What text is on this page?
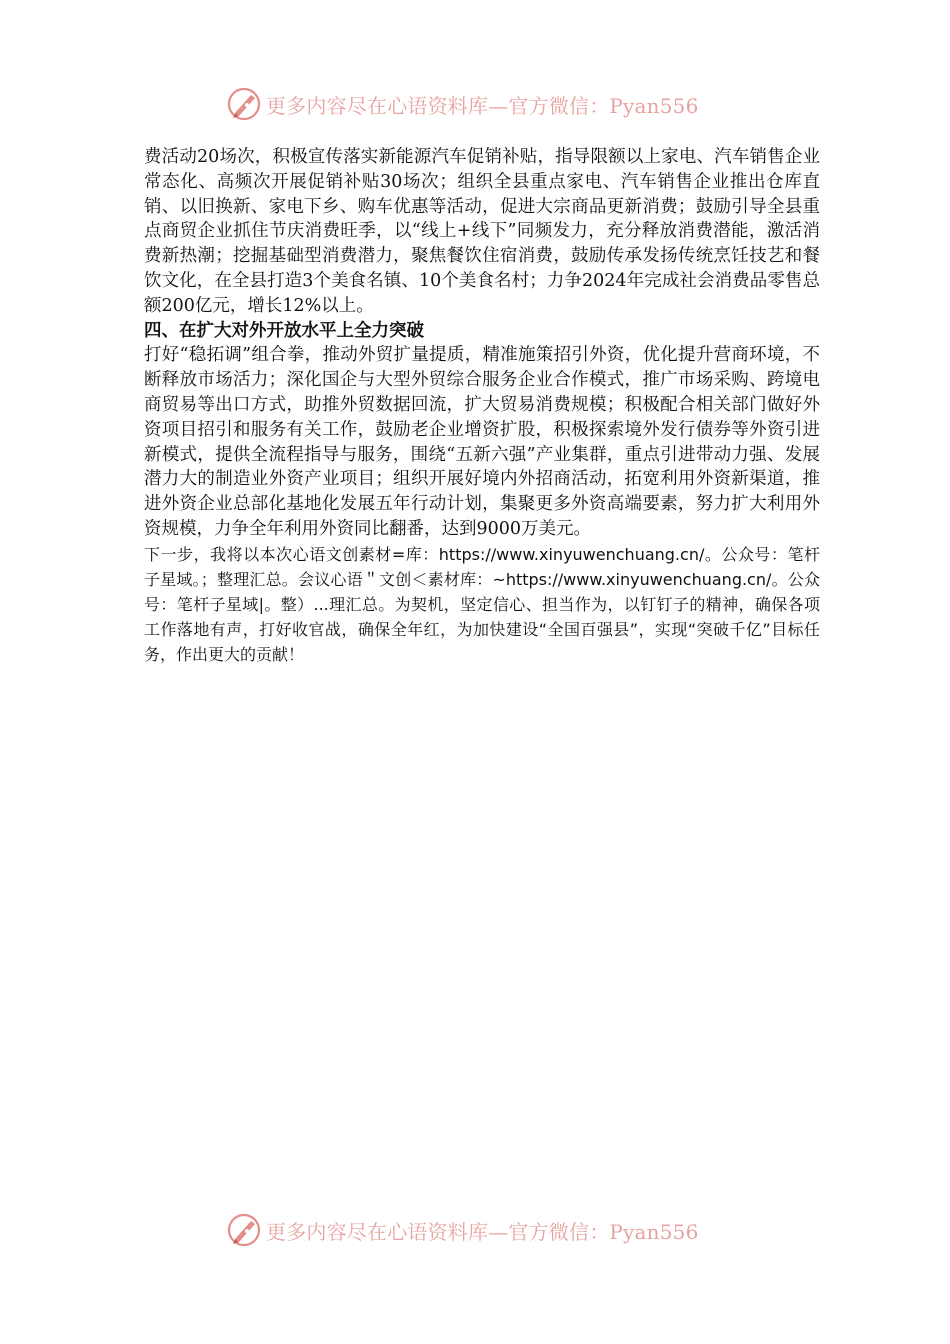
更多内容尽在心语资料库—官方微信：Pyan556

费活动20场次，积极宣传落实新能源汽车促销补贴，指导限额以上家电、汽车销售企业常态化、高频次开展促销补贴30场次；组织全县重点家电、汽车销售企业推出仓库直销、以旧换新、家电下乡、购车优惠等活动，促进大宗商品更新消费；鼓励引导全县重点商贸企业抓住节庆消费旺季，以“线上+线下”同频发力，充分释放消费潜能，激活消费新热潮；挖掘基础型消费潜力，聚焦餐饮住宿消费，鼓励传承发扬传统烹饪技艺和餐饮文化，在全县打造3个美食名镇、10个美食名村；力争2024年完成社会消费品零售总额200亿元，增长12%以上。

四、在扩大对外开放水平上全力突破

打好“稳拓调”组合拳，推动外贸扩量提质，精准施策招引外资，优化提升营商环境，不断释放市场活力；深化国企与大型外贸综合服务企业合作模式，推广市场采购、跨境电商贸易等出口方式，助推外贸数据回流，扩大贸易消费规模；积极配合相关部门做好外资项目招引和服务有关工作，鼓励老企业增资扩股，积极探索境外发行债券等外资引进新模式，提供全流程指导与服务，围绕“五新六强”产业集群，重点引进带动力强、发展潜力大的制造业外资产业项目；组织开展好境内外招商活动，拓宽利用外资新渠道，推进外资企业总部化基地化发展五年行动计划，集聚更多外资高端要素，努力扩大利用外资规模，力争全年利用外资同比翻番，达到9000万美元。

下一步，我将以本次心语文创素材=库：https://www.xinyuwenchuang.cn/。公众号：笔杆子星域。；整理汇总。会议心语＂文创＜素材库：~https://www.xinyuwenchuang.cn/。公众号：笔杆子星域|。整）...理汇总。为契机，坚定信心、担当作为，以钉钉子的精神，确保各项工作落地有声，打好收官战，确保全年红，为加快建设“全国百强县”，实现“突破千亿”目标任务，作出更大的贡献！

更多内容尽在心语资料库—官方微信：Pyan556
